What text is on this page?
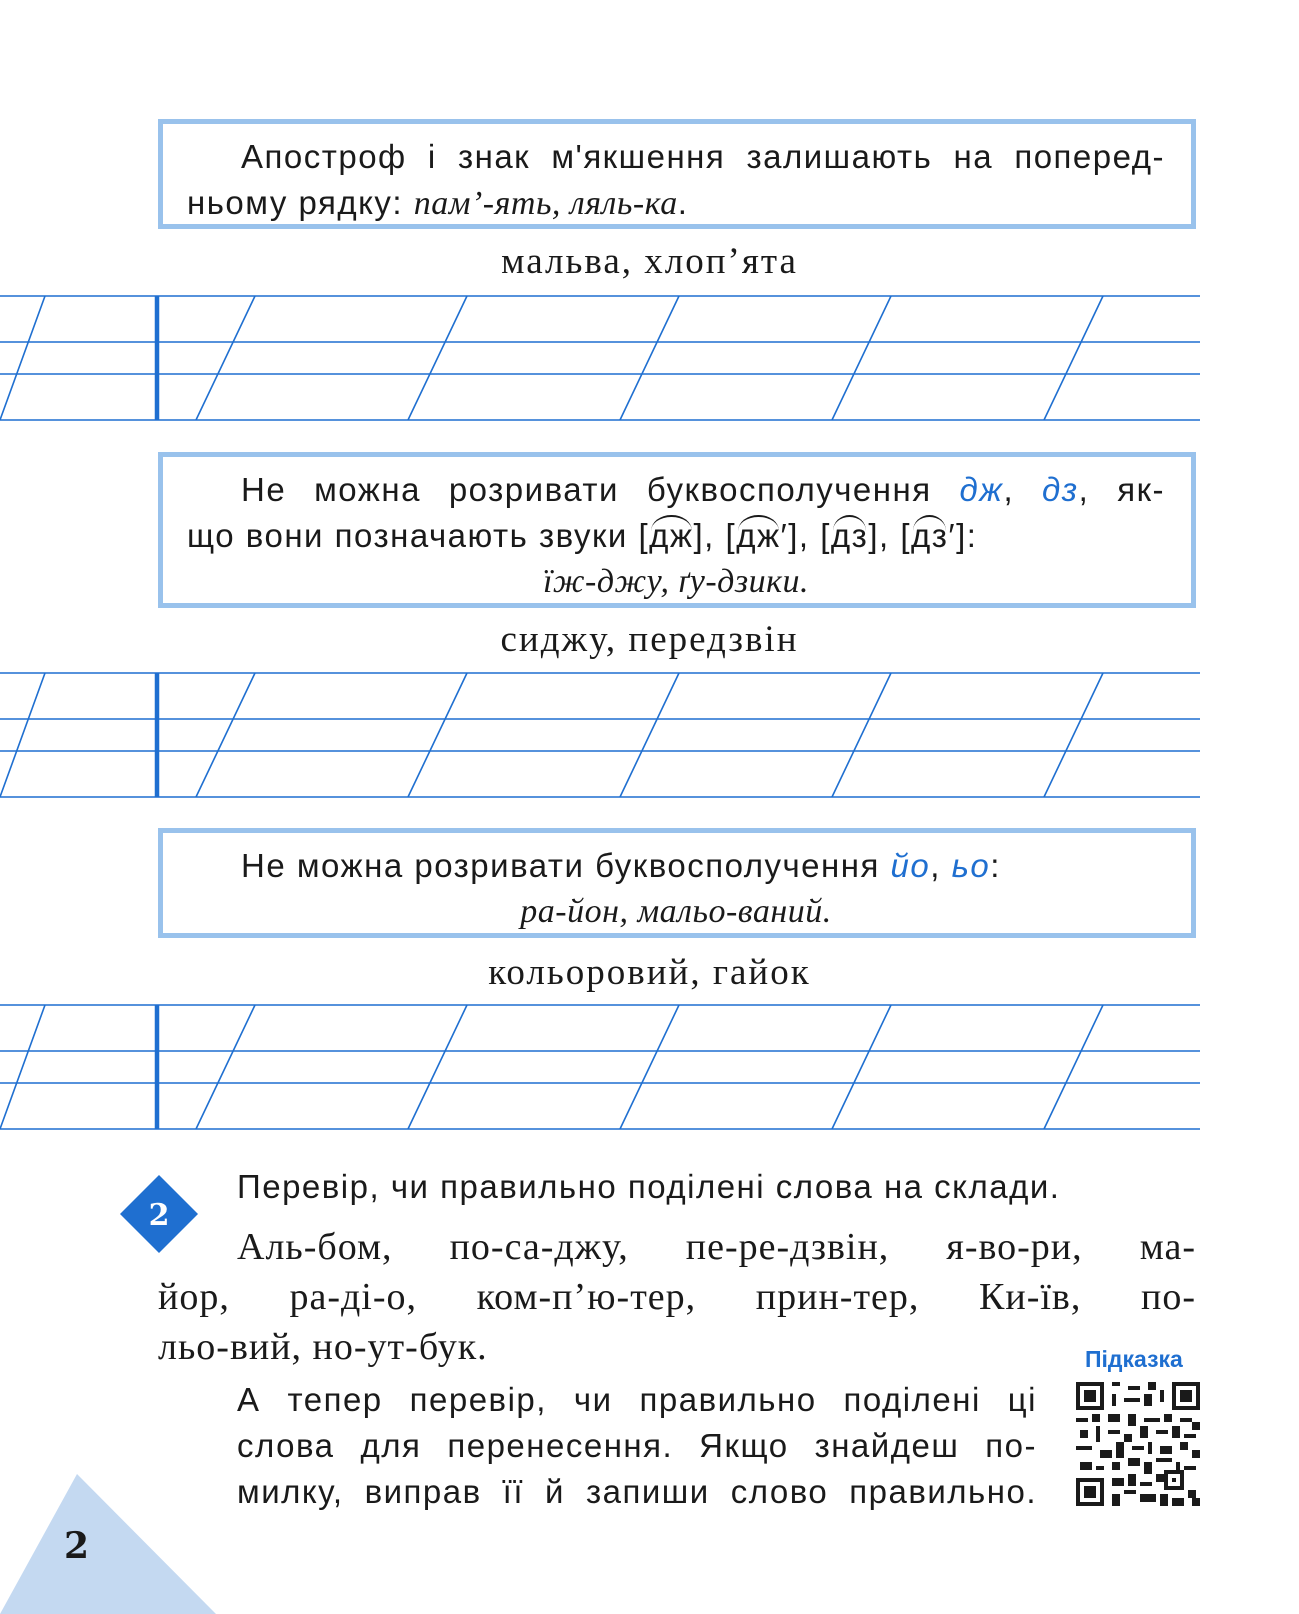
Апостроф і знак м'якшення залишають на поперед-
ньому рядку: пам’-ять, ляль-ка.
мальва, хлоп’ята
Не можна розривати буквосполучення дж, дз, як-
що вони позначають звуки [дж], [дж′], [дз], [дз′]:
їж-джу, ґу-дзики.
сиджу, передзвін
Не можна розривати буквосполучення йо, ьо:
ра-йон, мальо-ваний.
кольоровий, гайок
2
Перевір, чи правильно поділені слова на склади.
Аль-бом, по-са-джу, пе-ре-дзвін, я-во-ри, ма-
йор, ра-ді-о, ком-п’ю-тер, прин-тер, Ки-їв, по-
льо-вий, но-ут-бук.
А тепер перевір, чи правильно поділені ці
слова для перенесення. Якщо знайдеш по-
милку, виправ її й запиши слово правильно.
Підказка
2
